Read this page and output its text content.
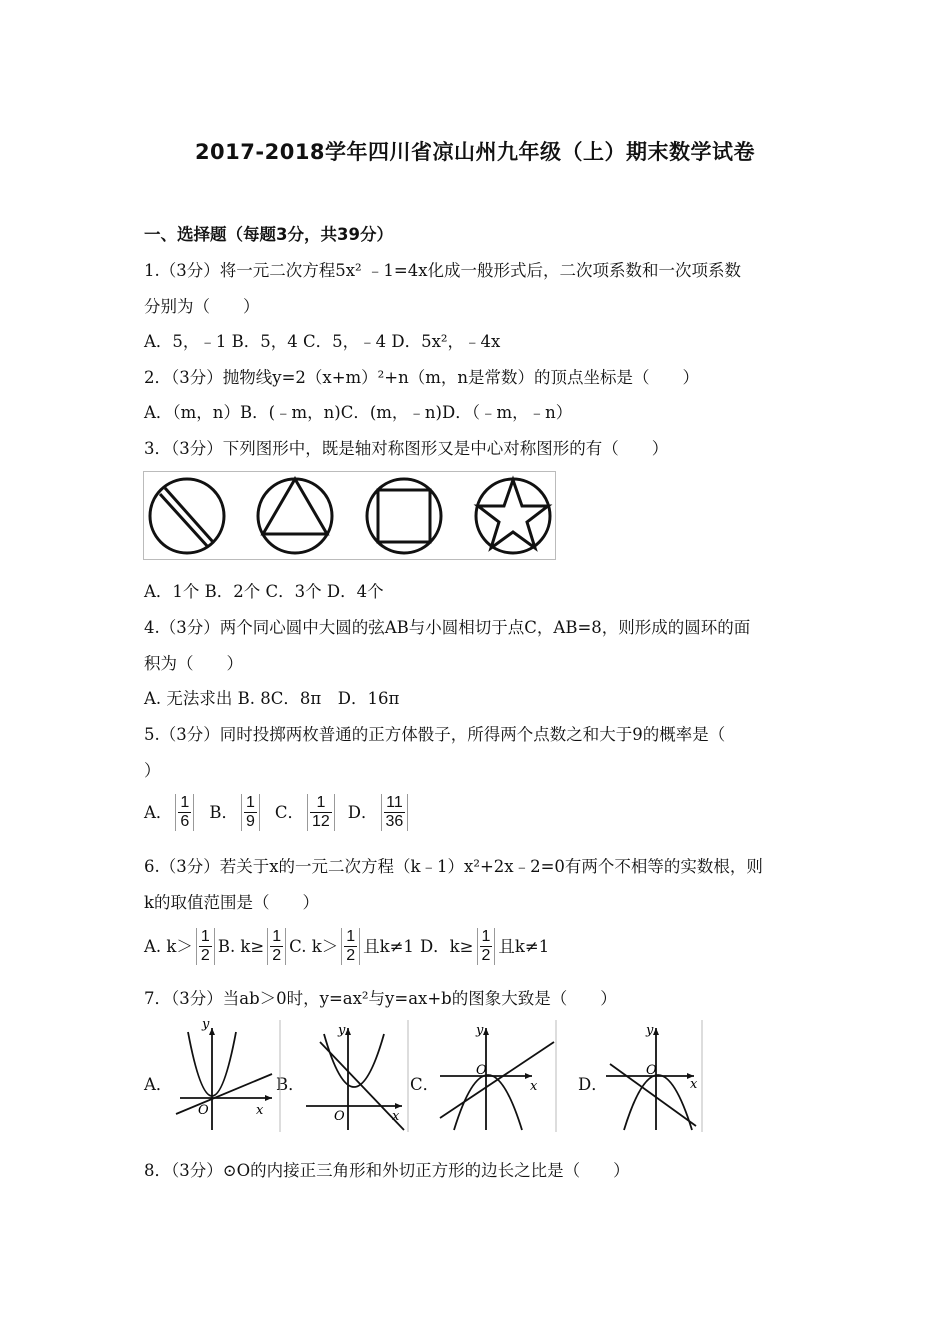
2017-2018学年四川省凉山州九年级（上）期末数学试卷
一、选择题（每题3分，共39分）
1.（3分）将一元二次方程5x² ﹣1=4x化成一般形式后，二次项系数和一次项系数
分别为（　　）
A．5，﹣1 B．5，4 C．5，﹣4 D．5x²，﹣4x
2．（3分）抛物线y=2（x+m）²+n（m，n是常数）的顶点坐标是（　　）
A．（m，n）B．(﹣m，n)C．(m，﹣n)D．（﹣m，﹣n）
3．（3分）下列图形中，既是轴对称图形又是中心对称图形的有（　　）
A．1个 B．2个 C．3个 D．4个
4.（3分）两个同心圆中大圆的弦AB与小圆相切于点C，AB=8，则形成的圆环的面
积为（　　）
A. 无法求出 B. 8C．8π　D．16π
5.（3分）同时投掷两枚普通的正方体骰子，所得两个点数之和大于9的概率是（
）
A． $\frac{1}{6}$ B． $\frac{1}{9}$ C． $\frac{1}{12}$ D． $\frac{11}{36}$
6.（3分）若关于x的一元二次方程（k﹣1）x²+2x﹣2=0有两个不相等的实数根，则
k的取值范围是（　　）
A. $k> \frac{1}{2} B$. $k\ge \frac{1}{2} C$. $k> \frac{1}{2}$ 且k≠1 D．$k\ge \frac{1}{2}$ 且k≠1
7．（3分）当ab＞0时，y=ax²与y=ax+b的图象大致是（　　）
A．	B．	C．	D．
y
x
O
y
x
O
y
x
O
y
x
O
8．（3分）⊙O的内接正三角形和外切正方形的边长之比是（　　）
